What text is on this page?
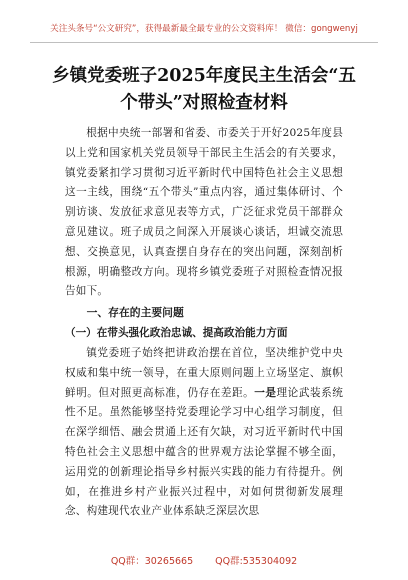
关注头条号“公文研究”，获得最新最全最专业的公文资料库！ 微信：gongwenyj
乡镇党委班子2025年度民主生活会“五
个带头”对照检查材料

根据中央统一部署和省委、市委关于开好2025年度县以上党和国家机关党员领导干部民主生活会的有关要求，镇党委紧扣学习贯彻习近平新时代中国特色社会主义思想这一主线，围绕“五个带头”重点内容，通过集体研讨、个别访谈、发放征求意见表等方式，广泛征求党员干部群众意见建议。班子成员之间深入开展谈心谈话，坦诚交流思想、交换意见，认真查摆自身存在的突出问题，深刻剖析根源，明确整改方向。现将乡镇党委班子对照检查情况报告如下。

一、存在的主要问题

（一）在带头强化政治忠诚、提高政治能力方面

镇党委班子始终把讲政治摆在首位，坚决维护党中央权威和集中统一领导，在重大原则问题上立场坚定、旗帜鲜明。但对照更高标准，仍存在差距。一是理论武装系统性不足。虽然能够坚持党委理论学习中心组学习制度，但在深学细悟、融会贯通上还有欠缺，对习近平新时代中国特色社会主义思想中蕴含的世界观方法论掌握不够全面，运用党的创新理论指导乡村振兴实践的能力有待提升。例如，在推进乡村产业振兴过程中，对如何贯彻新发展理念、构建现代农业产业体系缺乏深层次思

QQ群：30265665 QQ群:535304092
